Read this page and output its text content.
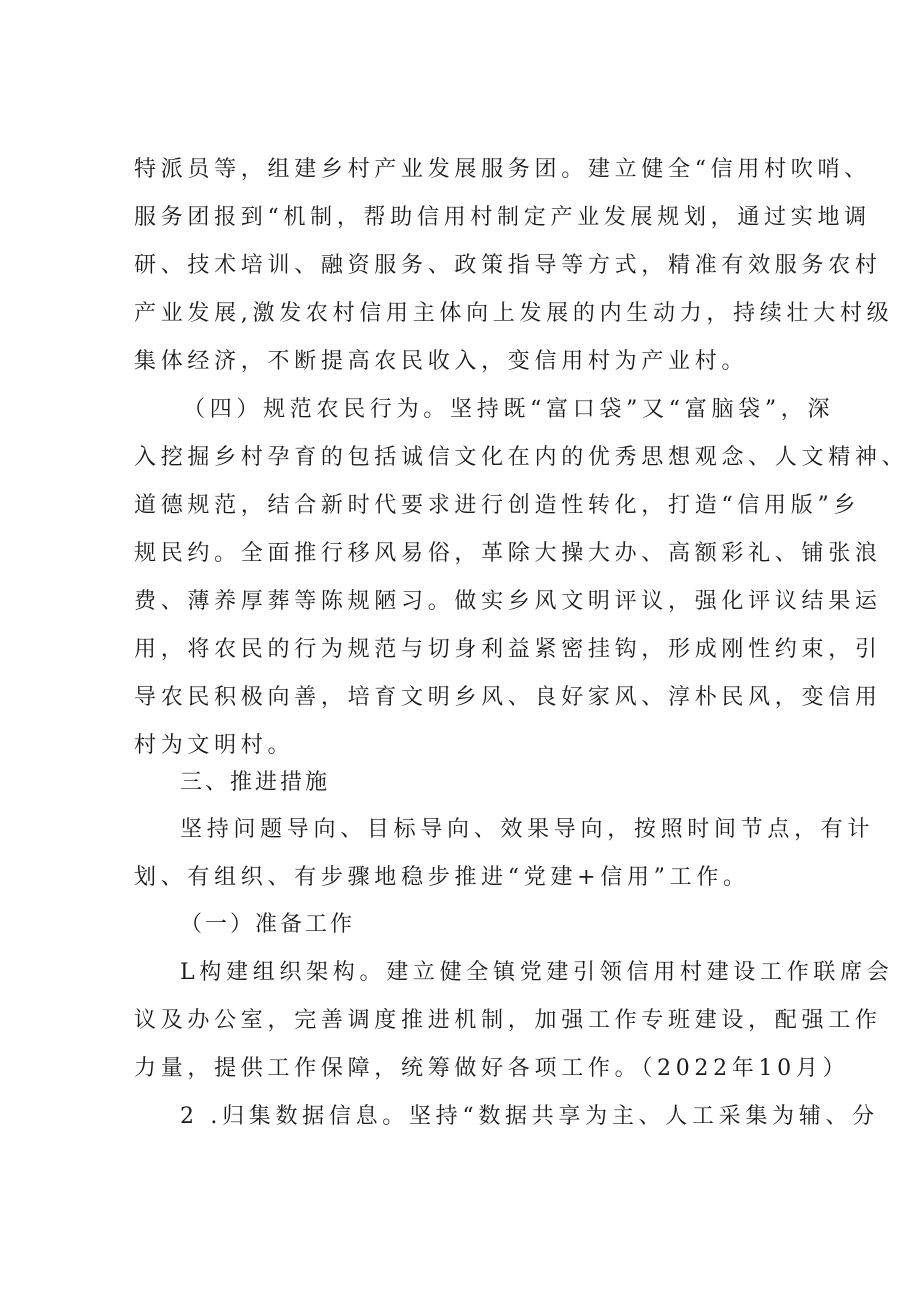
特派员等，组建乡村产业发展服务团。建立健全“信用村吹哨、
服务团报到“机制，帮助信用村制定产业发展规划，通过实地调
研、技术培训、融资服务、政策指导等方式，精准有效服务农村
产业发展,激发农村信用主体向上发展的内生动力，持续壮大村级
集体经济，不断提高农民收入，变信用村为产业村。
（四）规范农民行为。坚持既“富口袋”又“富脑袋”，深
入挖掘乡村孕育的包括诚信文化在内的优秀思想观念、人文精神、
道德规范，结合新时代要求进行创造性转化，打造“信用版”乡
规民约。全面推行移风易俗，革除大操大办、高额彩礼、铺张浪
费、薄养厚葬等陈规陋习。做实乡风文明评议，强化评议结果运
用，将农民的行为规范与切身利益紧密挂钩，形成刚性约束，引
导农民积极向善，培育文明乡风、良好家风、淳朴民风，变信用
村为文明村。
三、推进措施
坚持问题导向、目标导向、效果导向，按照时间节点，有计
划、有组织、有步骤地稳步推进“党建+信用”工作。
（一）准备工作
L构建组织架构。建立健全镇党建引领信用村建设工作联席会
议及办公室，完善调度推进机制，加强工作专班建设，配强工作
力量，提供工作保障，统筹做好各项工作。（2022年10月）
2 .归集数据信息。坚持“数据共享为主、人工采集为辅、分
